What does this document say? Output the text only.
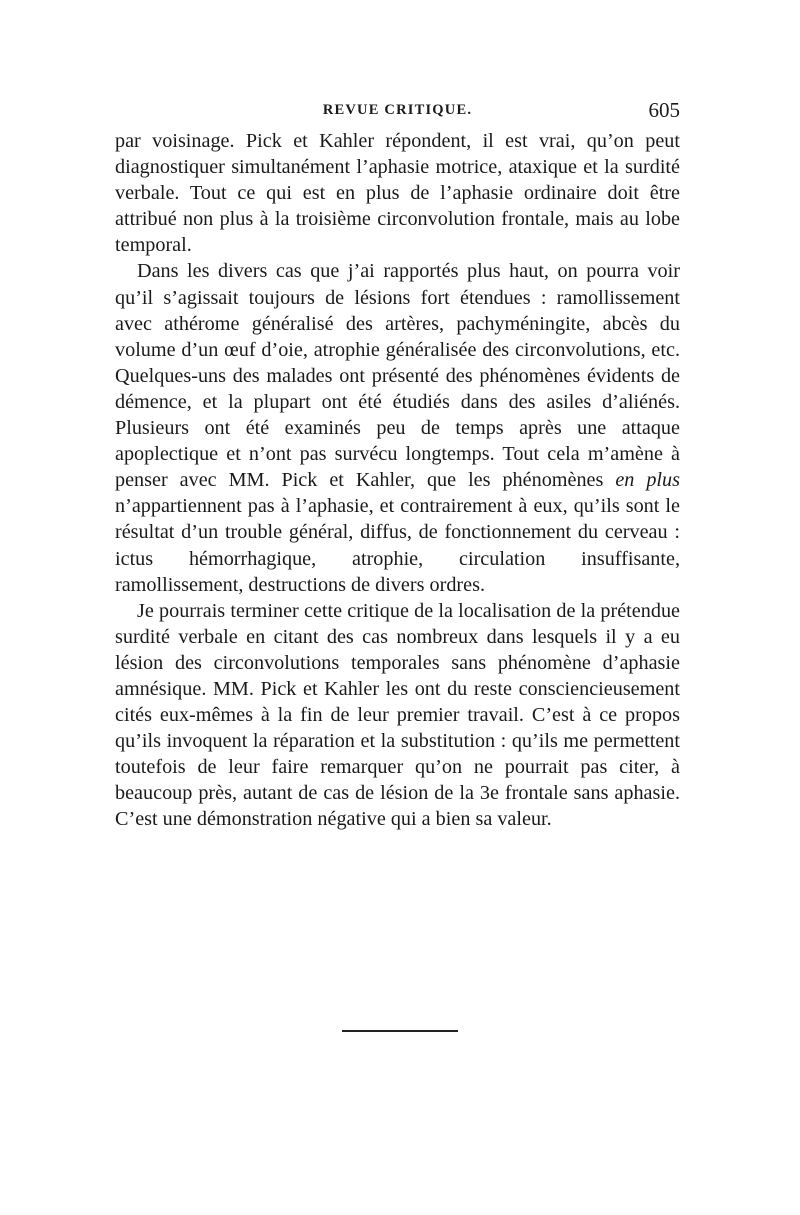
REVUE CRITIQUE.	605

par voisinage. Pick et Kahler répondent, il est vrai, qu’on peut diagnostiquer simultanément l’aphasie motrice, ataxique et la surdité verbale. Tout ce qui est en plus de l’aphasie ordinaire doit être attribué non plus à la troisième circonvolution frontale, mais au lobe temporal.

Dans les divers cas que j’ai rapportés plus haut, on pourra voir qu’il s’agissait toujours de lésions fort étendues : ramollissement avec athérome généralisé des artères, pachyméningite, abcès du volume d’un œuf d’oie, atrophie généralisée des circonvolutions, etc. Quelques-uns des malades ont présenté des phénomènes évidents de démence, et la plupart ont été étudiés dans des asiles d’aliénés. Plusieurs ont été examinés peu de temps après une attaque apoplectique et n’ont pas survécu longtemps. Tout cela m’amène à penser avec MM. Pick et Kahler, que les phénomènes en plus n’appartiennent pas à l’aphasie, et contrairement à eux, qu’ils sont le résultat d’un trouble général, diffus, de fonctionnement du cerveau : ictus hémorrhagique, atrophie, circulation insuffisante, ramollissement, destructions de divers ordres.

Je pourrais terminer cette critique de la localisation de la prétendue surdité verbale en citant des cas nombreux dans lesquels il y a eu lésion des circonvolutions temporales sans phénomène d’aphasie amnésique. MM. Pick et Kahler les ont du reste consciencieusement cités eux-mêmes à la fin de leur premier travail. C’est à ce propos qu’ils invoquent la réparation et la substitution : qu’ils me permettent toutefois de leur faire remarquer qu’on ne pourrait pas citer, à beaucoup près, autant de cas de lésion de la 3e frontale sans aphasie. C’est une démonstration négative qui a bien sa valeur.
